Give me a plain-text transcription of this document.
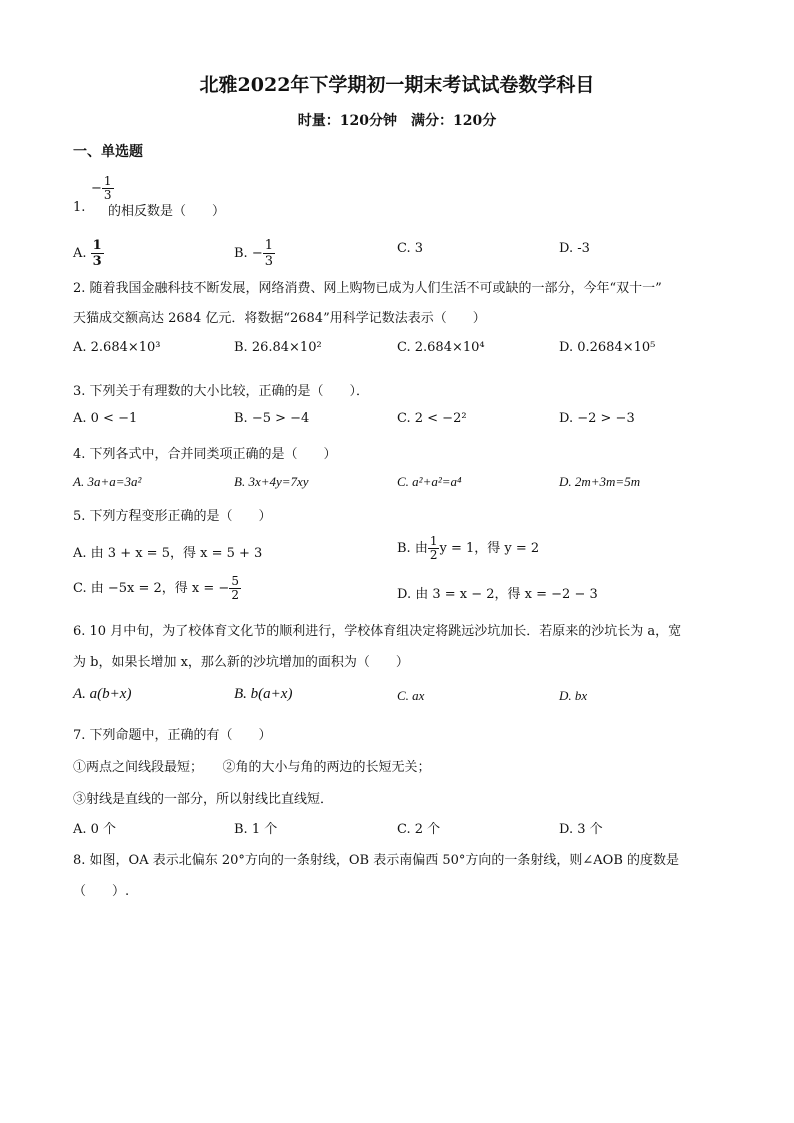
北雅2022年下学期初一期末考试试卷数学科目
时量：120分钟　满分：120分
一、单选题
− $\frac{1}{3}$
1. 的相反数是（　　）
A. $\frac{1}{3}$	B. − $\frac{1}{3}$	C. 3	D. -3
2. 随着我国金融科技不断发展，网络消费、网上购物已成为人们生活不可或缺的一部分，今年“双十一”
天猫成交额高达 2684 亿元．将数据“2684”用科学记数法表示（　　）
A. 2.684×10³	B. 26.84×10²	C. 2.684×10⁴	D. 0.2684×10⁵
3. 下列关于有理数的大小比较，正确的是（　　）．
A. 0 < −1	B. −5 > −4	C. 2 < −2²	D. −2 > −3
4. 下列各式中，合并同类项正确的是（　　）
A. 3a+a=3a²	B. 3x+4y=7xy	C. a²+a²=a⁴	D. 2m+3m=5m
5. 下列方程变形正确的是（　　）
A. 由 3 + x = 5，得 x = 5 + 3	B. 由 $\frac{1}{2}$ y = 1，得 y = 2
C. 由 −5x = 2，得 x = − $\frac{5}{2}$	D. 由 3 = x − 2，得 x = −2 − 3
6. 10 月中旬，为了校体育文化节的顺利进行，学校体育组决定将跳远沙坑加长．若原来的沙坑长为 a，宽
为 b，如果长增加 x，那么新的沙坑增加的面积为（　　）
A. a(b+x)	B. b(a+x)	C. ax	D. bx
7. 下列命题中，正确的有（　　）
①两点之间线段最短；　　②角的大小与角的两边的长短无关；
③射线是直线的一部分，所以射线比直线短．
A. 0 个	B. 1 个	C. 2 个	D. 3 个
8. 如图，OA 表示北偏东 20°方向的一条射线，OB 表示南偏西 50°方向的一条射线，则∠AOB 的度数是
（　　）.
